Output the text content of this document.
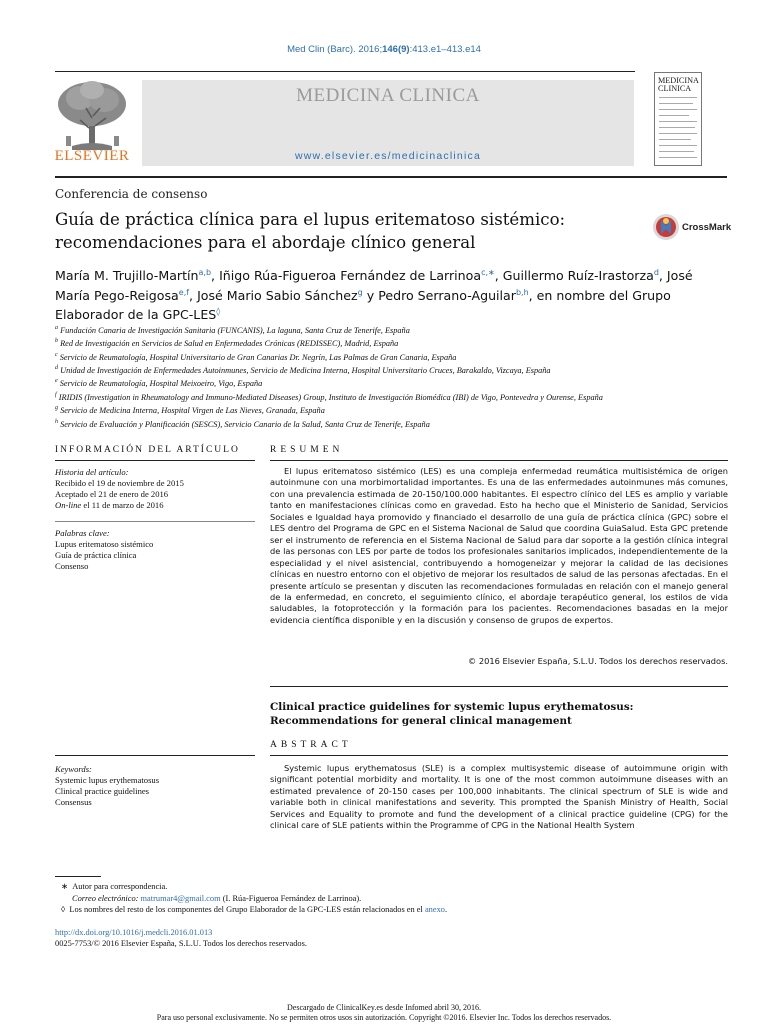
Med Clin (Barc). 2016;146(9):413.e1–413.e14
ELSEVIER
MEDICINA CLINICA
www.elsevier.es/medicinaclinica
MEDICINA
CLINICA
Conferencia de consenso
Guía de práctica clínica para el lupus eritematoso sistémico:
recomendaciones para el abordaje clínico general
CrossMark
María M. Trujillo-Martín$^{a,b}$, Iñigo Rúa-Figueroa Fernández de Larrinoa$^{c,∗}$, Guillermo Ruíz-Irastorza$^d$, José María Pego-Reigosa$^{e,f}$, José Mario Sabio Sánchez$^g$ y Pedro Serrano-Aguilar$^{b,h}$, en nombre del Grupo Elaborador de la GPC-LES◊
$^a$ Fundación Canaria de Investigación Sanitaria (FUNCANIS), La laguna, Santa Cruz de Tenerife, España
$^b$ Red de Investigación en Servicios de Salud en Enfermedades Crónicas (REDISSEC), Madrid, España
$^c$ Servicio de Reumatología, Hospital Universitario de Gran Canarias Dr. Negrín, Las Palmas de Gran Canaria, España
$^d$ Unidad de Investigación de Enfermedades Autoinmunes, Servicio de Medicina Interna, Hospital Universitario Cruces, Barakaldo, Vizcaya, España
$^e$ Servicio de Reumatología, Hospital Meixoeiro, Vigo, España
$^f$ IRIDIS (Investigation in Rheumatology and Immuno-Mediated Diseases) Group, Instituto de Investigación Biomédica (IBI) de Vigo, Pontevedra y Ourense, España
$^g$ Servicio de Medicina Interna, Hospital Virgen de Las Nieves, Granada, España
$^h$ Servicio de Evaluación y Planificación (SESCS), Servicio Canario de la Salud, Santa Cruz de Tenerife, España
INFORMACIÓN DEL ARTÍCULO
Historia del artículo:
Recibido el 19 de noviembre de 2015
Aceptado el 21 de enero de 2016
On-line el 11 de marzo de 2016
Palabras clave:
Lupus eritematoso sistémico
Guía de práctica clínica
Consenso
RESUMEN
El lupus eritematoso sistémico (LES) es una compleja enfermedad reumática multisistémica de origen autoinmune con una morbimortalidad importantes. Es una de las enfermedades autoinmunes más comunes, con una prevalencia estimada de 20-150/100.000 habitantes. El espectro clínico del LES es amplio y variable tanto en manifestaciones clínicas como en gravedad. Esto ha hecho que el Ministerio de Sanidad, Servicios Sociales e Igualdad haya promovido y financiado el desarrollo de una guía de práctica clínica (GPC) sobre el LES dentro del Programa de GPC en el Sistema Nacional de Salud que coordina GuiaSalud. Esta GPC pretende ser el instrumento de referencia en el Sistema Nacional de Salud para dar soporte a la gestión clínica integral de las personas con LES por parte de todos los profesionales sanitarios implicados, independientemente de la especialidad y el nivel asistencial, contribuyendo a homogeneizar y mejorar la calidad de las decisiones clínicas en nuestro entorno con el objetivo de mejorar los resultados de salud de las personas afectadas. En el presente artículo se presentan y discuten las recomendaciones formuladas en relación con el manejo general de la enfermedad, en concreto, el seguimiento clínico, el abordaje terapéutico general, los estilos de vida saludables, la fotoprotección y la formación para los pacientes. Recomendaciones basadas en la mejor evidencia científica disponible y en la discusión y consenso de grupos de expertos.
© 2016 Elsevier España, S.L.U. Todos los derechos reservados.
Clinical practice guidelines for systemic lupus erythematosus:
Recommendations for general clinical management
ABSTRACT
Keywords:
Systemic lupus erythematosus
Clinical practice guidelines
Consensus
Systemic lupus erythematosus (SLE) is a complex multisystemic disease of autoimmune origin with significant potential morbidity and mortality. It is one of the most common autoimmune diseases with an estimated prevalence of 20-150 cases per 100,000 inhabitants. The clinical spectrum of SLE is wide and variable both in clinical manifestations and severity. This prompted the Spanish Ministry of Health, Social Services and Equality to promote and fund the development of a clinical practice guideline (CPG) for the clinical care of SLE patients within the Programme of CPG in the National Health System
∗ Autor para correspondencia.
Correo electrónico: matrumar4@gmail.com (I. Rúa-Figueroa Fernández de Larrinoa).
◊ Los nombres del resto de los componentes del Grupo Elaborador de la GPC-LES están relacionados en el anexo.
http://dx.doi.org/10.1016/j.medcli.2016.01.013
0025-7753/© 2016 Elsevier España, S.L.U. Todos los derechos reservados.
Descargado de ClinicalKey.es desde Infomed abril 30, 2016.
Para uso personal exclusivamente. No se permiten otros usos sin autorización. Copyright ©2016. Elsevier Inc. Todos los derechos reservados.
